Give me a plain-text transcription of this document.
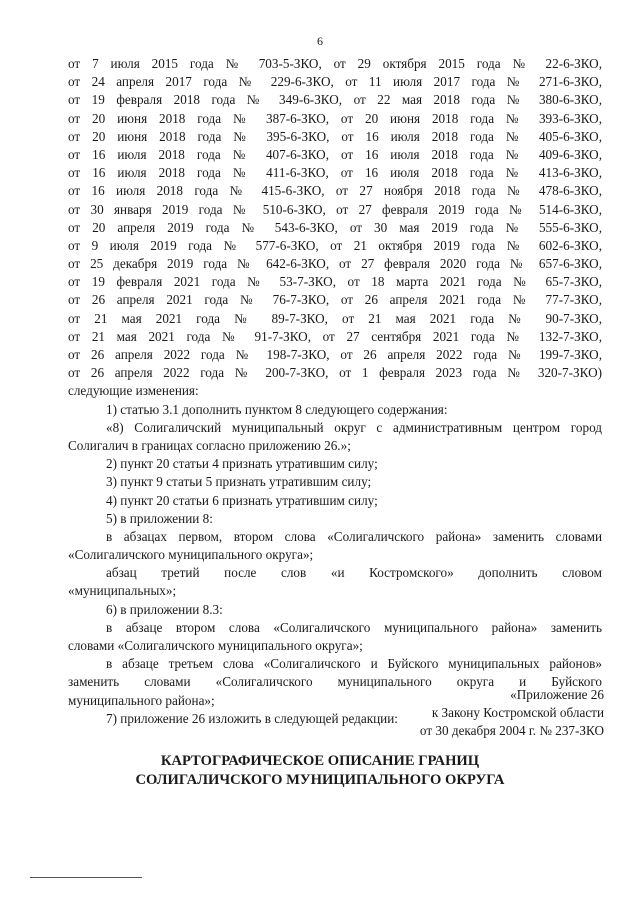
6
от 7 июля 2015 года № 703-5-ЗКО, от 29 октября 2015 года № 22-6-ЗКО,
от 24 апреля 2017 года № 229-6-ЗКО, от 11 июля 2017 года № 271-6-ЗКО,
от 19 февраля 2018 года № 349-6-ЗКО, от 22 мая 2018 года № 380-6-ЗКО,
от 20 июня 2018 года № 387-6-ЗКО, от 20 июня 2018 года № 393-6-ЗКО,
от 20 июня 2018 года № 395-6-ЗКО, от 16 июля 2018 года № 405-6-ЗКО,
от 16 июля 2018 года № 407-6-ЗКО, от 16 июля 2018 года № 409-6-ЗКО,
от 16 июля 2018 года № 411-6-ЗКО, от 16 июля 2018 года № 413-6-ЗКО,
от 16 июля 2018 года № 415-6-ЗКО, от 27 ноября 2018 года № 478-6-ЗКО,
от 30 января 2019 года № 510-6-ЗКО, от 27 февраля 2019 года № 514-6-ЗКО,
от 20 апреля 2019 года № 543-6-ЗКО, от 30 мая 2019 года № 555-6-ЗКО,
от 9 июля 2019 года № 577-6-ЗКО, от 21 октября 2019 года № 602-6-ЗКО,
от 25 декабря 2019 года № 642-6-ЗКО, от 27 февраля 2020 года № 657-6-ЗКО,
от 19 февраля 2021 года № 53-7-ЗКО, от 18 марта 2021 года № 65-7-ЗКО,
от 26 апреля 2021 года № 76-7-ЗКО, от 26 апреля 2021 года № 77-7-ЗКО,
от 21 мая 2021 года № 89-7-ЗКО, от 21 мая 2021 года № 90-7-ЗКО,
от 21 мая 2021 года № 91-7-ЗКО, от 27 сентября 2021 года № 132-7-ЗКО,
от 26 апреля 2022 года № 198-7-ЗКО, от 26 апреля 2022 года № 199-7-ЗКО,
от 26 апреля 2022 года № 200-7-ЗКО, от 1 февраля 2023 года № 320-7-ЗКО)
следующие изменения:
1) статью 3.1 дополнить пунктом 8 следующего содержания:
«8) Солигаличский муниципальный округ с административным центром город
Солигалич в границах согласно приложению 26.»;
2) пункт 20 статьи 4 признать утратившим силу;
3) пункт 9 статьи 5 признать утратившим силу;
4) пункт 20 статьи 6 признать утратившим силу;
5) в приложении 8:
в абзацах первом, втором слова «Солигаличского района» заменить словами
«Солигаличского муниципального округа»;
абзац третий после слов «и Костромского» дополнить словом
«муниципальных»;
6) в приложении 8.3:
в абзаце втором слова «Солигаличского муниципального района» заменить
словами «Солигаличского муниципального округа»;
в абзаце третьем слова «Солигаличского и Буйского муниципальных районов»
заменить словами «Солигаличского муниципального округа и Буйского
муниципального района»;
7) приложение 26 изложить в следующей редакции:
«Приложение 26
к Закону Костромской области
от 30 декабря 2004 г. № 237-ЗКО
КАРТОГРАФИЧЕСКОЕ ОПИСАНИЕ ГРАНИЦ
СОЛИГАЛИЧСКОГО МУНИЦИПАЛЬНОГО ОКРУГА
